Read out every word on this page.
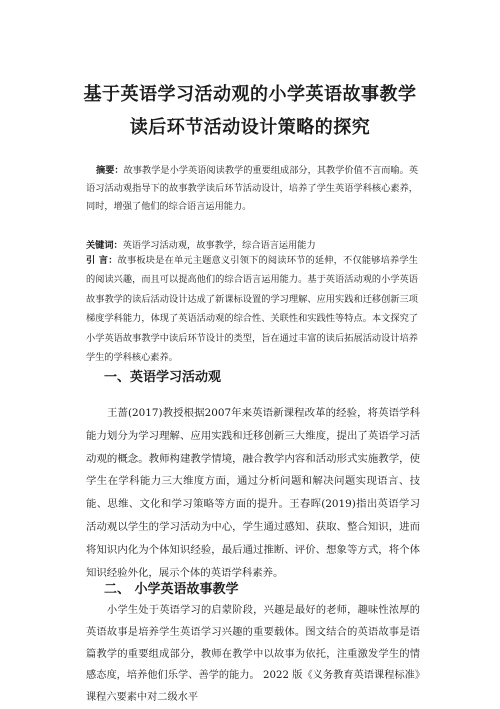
基于英语学习活动观的小学英语故事教学
读后环节活动设计策略的探究
摘要：故事教学是小学英语阅读教学的重要组成部分，其教学价值不言而喻。英语习活动观指导下的故事教学读后环节活动设计，培养了学生英语学科核心素养，同时，增强了他们的综合语言运用能力。
关键词：英语学习活动观，故事教学，综合语言运用能力
引 言：故事板块是在单元主题意义引领下的阅读环节的延伸，不仅能够培养学生的阅读兴趣，而且可以提高他们的综合语言运用能力。基于英语活动观的小学英语故事教学的读后活动设计达成了新课标设置的学习理解、应用实践和迁移创新三项梯度学科能力，体现了英语活动观的综合性、关联性和实践性等特点。本文探究了小学英语故事教学中读后环节设计的类型，旨在通过丰富的读后拓展活动设计培养学生的学科核心素养。
一、英语学习活动观
王蔷(2017)教授根据2007年来英语新课程改革的经验，将英语学科能力划分为学习理解、应用实践和迁移创新三大维度，提出了英语学习活动观的概念。教师构建教学情境，融合教学内容和活动形式实施教学，使学生在学科能力三大维度方面，通过分析问题和解决问题实现语言、技能、思维、文化和学习策略等方面的提升。王春晖(2019)指出英语学习活动观以学生的学习活动为中心，学生通过感知、获取、整合知识，进而将知识内化为个体知识经验，最后通过推断、评价、想象等方式，将个体知识经验外化，展示个体的英语学科素养。
二、 小学英语故事教学
小学生处于英语学习的启蒙阶段，兴趣是最好的老师，趣味性浓厚的英语故事是培养学生英语学习兴趣的重要载体。图文结合的英语故事是语篇教学的重要组成部分，教师在教学中以故事为依托，注重激发学生的情感态度，培养他们乐学、善学的能力。 2022 版《义务教育英语课程标准》课程六要素中对二级水平
